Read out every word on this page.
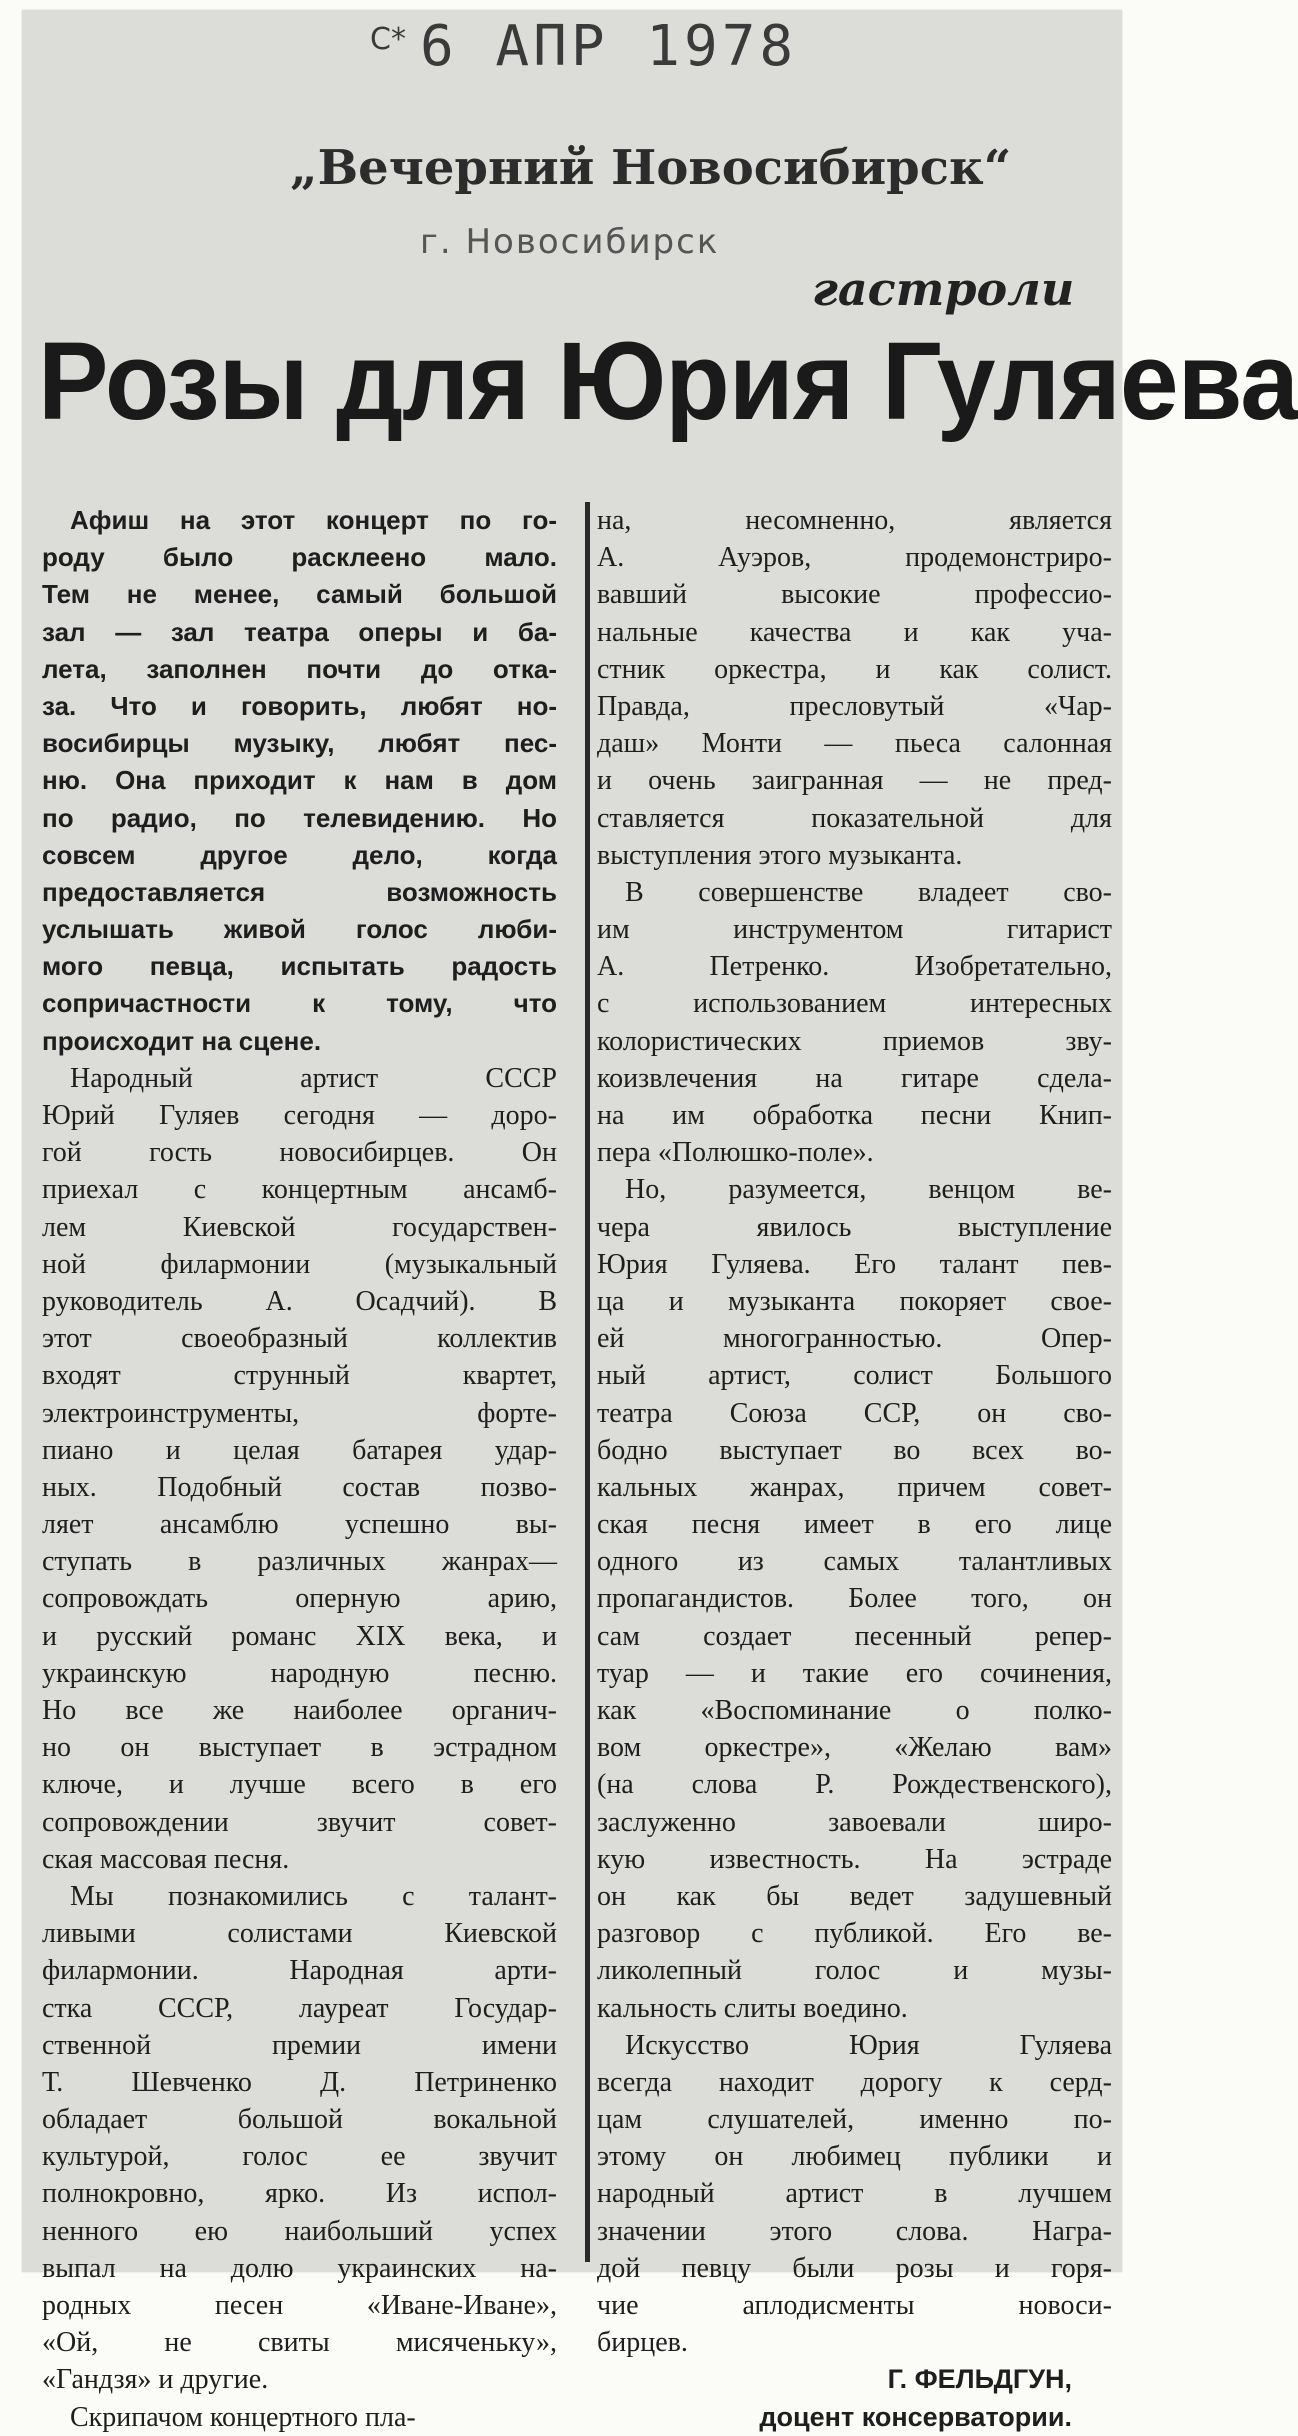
С* 6 АПР 1978
„Вечерний Новосибирск“
г. Новосибирск
гастроли
Розы для Юрия Гуляева
Афиш на этот концерт по го-
роду было расклеено мало.
Тем не менее, самый большой
зал — зал театра оперы и ба-
лета, заполнен почти до отка-
за. Что и говорить, любят но-
восибирцы музыку, любят пес-
ню. Она приходит к нам в дом
по радио, по телевидению. Но
совсем другое дело, когда
предоставляется возможность
услышать живой голос люби-
мого певца, испытать радость
сопричастности к тому, что
происходит на сцене.
Народный артист СССР
Юрий Гуляев сегодня — доро-
гой гость новосибирцев. Он
приехал с концертным ансамб-
лем Киевской государствен-
ной филармонии (музыкальный
руководитель А. Осадчий). В
этот своеобразный коллектив
входят струнный квартет,
электроинструменты, форте-
пиано и целая батарея удар-
ных. Подобный состав позво-
ляет ансамблю успешно вы-
ступать в различных жанрах—
сопровождать оперную арию,
и русский романс XIX века, и
украинскую народную песню.
Но все же наиболее органич-
но он выступает в эстрадном
ключе, и лучше всего в его
сопровождении звучит совет-
ская массовая песня.
Мы познакомились с талант-
ливыми солистами Киевской
филармонии. Народная арти-
стка СССР, лауреат Государ-
ственной премии имени
Т. Шевченко Д. Петриненко
обладает большой вокальной
культурой, голос ее звучит
полнокровно, ярко. Из испол-
ненного ею наибольший успех
выпал на долю украинских на-
родных песен «Иване-Иване»,
«Ой, не свиты мисяченьку»,
«Гандзя» и другие.
Скрипачом концертного пла-
на, несомненно, является
А. Ауэров, продемонстриро-
вавший высокие профессио-
нальные качества и как уча-
стник оркестра, и как солист.
Правда, пресловутый «Чар-
даш» Монти — пьеса салонная
и очень заигранная — не пред-
ставляется показательной для
выступления этого музыканта.
В совершенстве владеет сво-
им инструментом гитарист
А. Петренко. Изобретательно,
с использованием интересных
колористических приемов зву-
коизвлечения на гитаре сдела-
на им обработка песни Книп-
пера «Полюшко-поле».
Но, разумеется, венцом ве-
чера явилось выступление
Юрия Гуляева. Его талант пев-
ца и музыканта покоряет свое-
ей многогранностью. Опер-
ный артист, солист Большого
театра Союза ССР, он сво-
бодно выступает во всех во-
кальных жанрах, причем совет-
ская песня имеет в его лице
одного из самых талантливых
пропагандистов. Более того, он
сам создает песенный репер-
туар — и такие его сочинения,
как «Воспоминание о полко-
вом оркестре», «Желаю вам»
(на слова Р. Рождественского),
заслуженно завоевали широ-
кую известность. На эстраде
он как бы ведет задушевный
разговор с публикой. Его ве-
ликолепный голос и музы-
кальность слиты воедино.
Искусство Юрия Гуляева
всегда находит дорогу к серд-
цам слушателей, именно по-
этому он любимец публики и
народный артист в лучшем
значении этого слова. Награ-
дой певцу были розы и горя-
чие аплодисменты новоси-
бирцев.
Г. ФЕЛЬДГУН,
доцент консерватории.
